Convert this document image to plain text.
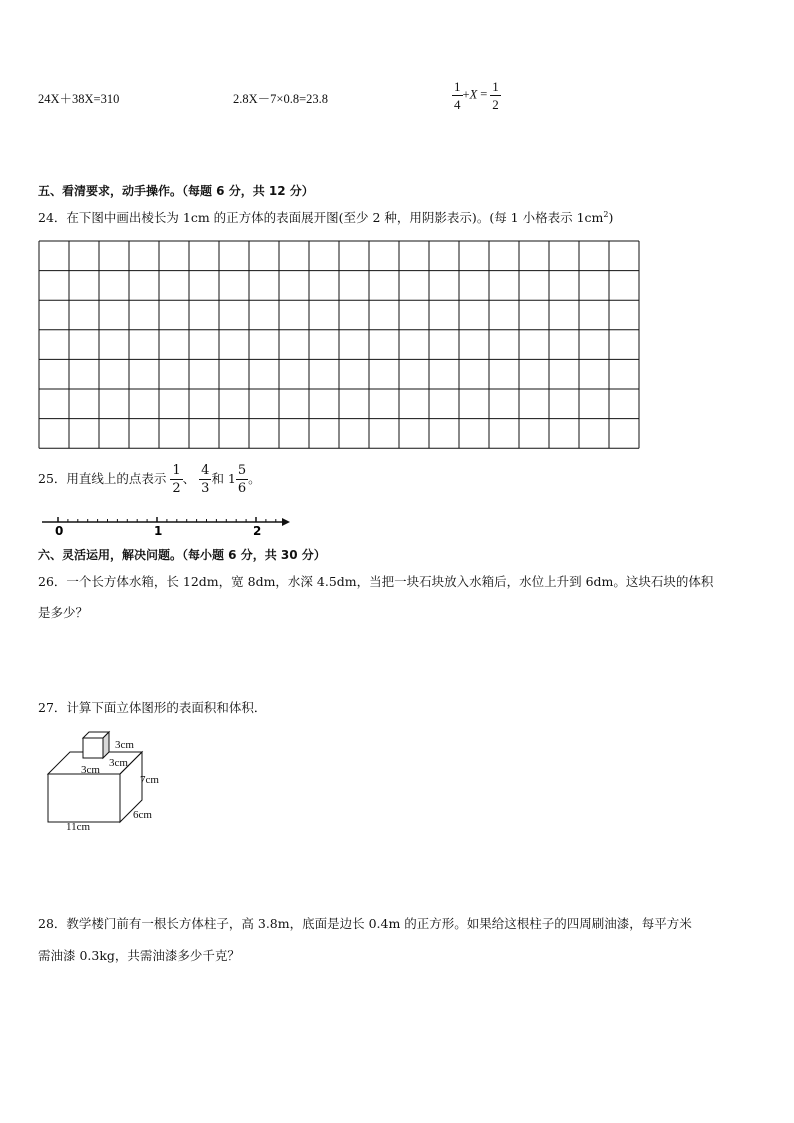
24X＋38X=310	2.8X－7×0.8=23.8	$\frac{1}{4} +X = \frac{1}{2}$
五、看清要求，动手操作。（每题 6 分，共 12 分）
24．在下图中画出棱长为 1cm 的正方体的表面展开图(至少 2 种，用阴影表示)。(每 1 小格表示 $1cm^2$)
25．用直线上的点表示 $\frac{1}{2}$ 、 $\frac{4}{3}$ 和 $1 \frac{5}{6}$ 。
0	1	2
六、灵活运用，解决问题。（每小题 6 分，共 30 分）
26．一个长方体水箱，长 12dm，宽 8dm，水深 4.5dm，当把一块石块放入水箱后，水位上升到 6dm。这块石块的体积
是多少？
27．计算下面立体图形的表面积和体积．
3cm
3cm
3cm
7cm
6cm
11cm
28．教学楼门前有一根长方体柱子，高 3.8m，底面是边长 0.4m 的正方形。如果给这根柱子的四周刷油漆，每平方米
需油漆 0.3kg，共需油漆多少千克？
